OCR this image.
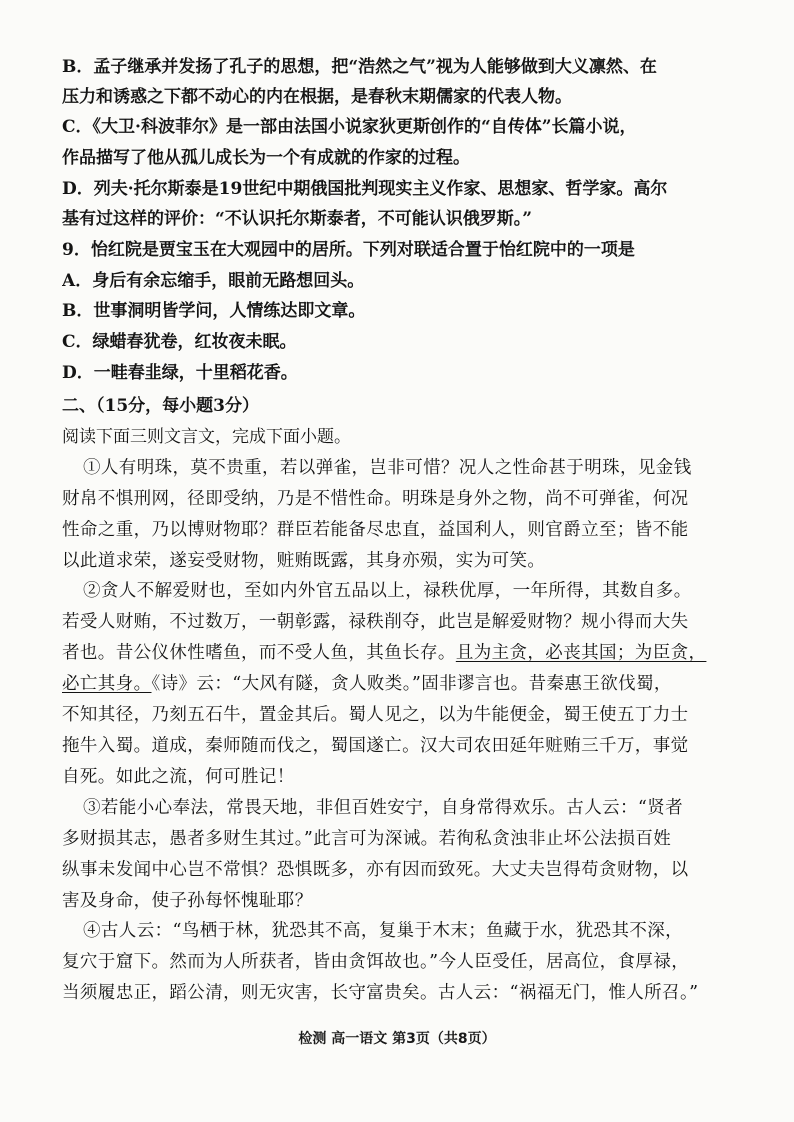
B．孟子继承并发扬了孔子的思想，把“浩然之气”视为人能够做到大义凛然、在
压力和诱惑之下都不动心的内在根据，是春秋末期儒家的代表人物。
C．《大卫·科波菲尔》是一部由法国小说家狄更斯创作的“自传体”长篇小说，
作品描写了他从孤儿成长为一个有成就的作家的过程。
D．列夫·托尔斯泰是19世纪中期俄国批判现实主义作家、思想家、哲学家。高尔
基有过这样的评价：“不认识托尔斯泰者，不可能认识俄罗斯。”
9．怡红院是贾宝玉在大观园中的居所。下列对联适合置于怡红院中的一项是
A．身后有余忘缩手，眼前无路想回头。
B．世事洞明皆学问，人情练达即文章。
C．绿蜡春犹卷，红妆夜未眠。
D．一畦春韭绿，十里稻花香。
二、（15分，每小题3分）
阅读下面三则文言文，完成下面小题。
①人有明珠，莫不贵重，若以弹雀，岂非可惜？况人之性命甚于明珠，见金钱
财帛不惧刑网，径即受纳，乃是不惜性命。明珠是身外之物，尚不可弹雀，何况
性命之重，乃以博财物耶？群臣若能备尽忠直，益国利人，则官爵立至；皆不能
以此道求荣，遂妄受财物，赃贿既露，其身亦殒，实为可笑。
②贪人不解爱财也，至如内外官五品以上，禄秩优厚，一年所得，其数自多。
若受人财贿，不过数万，一朝彰露，禄秩削夺，此岂是解爱财物？规小得而大失
者也。昔公仪休性嗜鱼，而不受人鱼，其鱼长存。且为主贪，必丧其国；为臣贪，
必亡其身。《诗》云：“大风有隧，贪人败类。”固非谬言也。昔秦惠王欲伐蜀，
不知其径，乃刻五石牛，置金其后。蜀人见之，以为牛能便金，蜀王使五丁力士
拖牛入蜀。道成，秦师随而伐之，蜀国遂亡。汉大司农田延年赃贿三千万，事觉
自死。如此之流，何可胜记！
③若能小心奉法，常畏天地，非但百姓安宁，自身常得欢乐。古人云：“贤者
多财损其志，愚者多财生其过。”此言可为深诫。若徇私贪浊非止坏公法损百姓
纵事未发闻中心岂不常惧？恐惧既多，亦有因而致死。大丈夫岂得苟贪财物，以
害及身命，使子孙每怀愧耻耶？
④古人云：“鸟栖于林，犹恐其不高，复巢于木末；鱼藏于水，犹恐其不深，
复穴于窟下。然而为人所获者，皆由贪饵故也。”今人臣受任，居高位，食厚禄，
当须履忠正，蹈公清，则无灾害，长守富贵矣。古人云：“祸福无门，惟人所召。”
检测 高一语文 第3页（共8页）
